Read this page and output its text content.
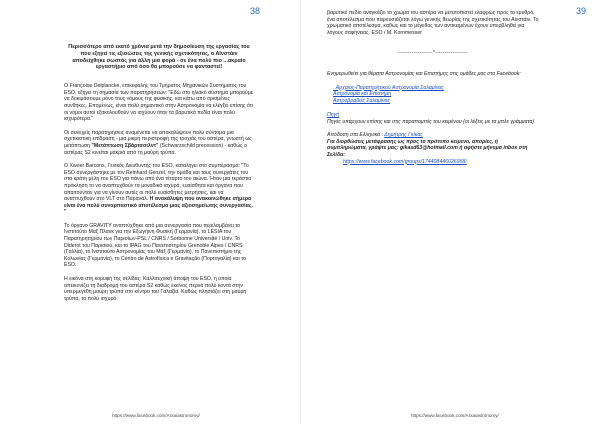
38

Περισσότερο από εκατό χρόνια μετά την δημοσίευση της εργασίας του που εξηγεί τις εξισώσεις της γενικής σχετικότητας, ο Αϊνστάιν αποδείχθηκε σωστός για άλλη μια φορά - σε ένα πολύ πιο ...ακραίο εργαστήριο από όσο θα μπορούσε να φανταστεί!

Ο Françoise Delplancke, επικεφαλής του Τμήματος Μηχανικών Συστήματος του ESO, εξηγεί τη σημασία των παρατηρήσεων: "Εδώ στο ηλιακό σύστημα μπορούμε να δοκιμάσουμε μόνο τους νόμους της φυσικής, και κάτω από ορισμένες συνθήκες. Επομένως, είναι πολύ σημαντικό στην Αστρονομία να ελέγξει επίσης ότι οι νόμοι αυτοί εξακολουθούν να ισχύουν όταν τα βαρυτικά πεδία είναι πολύ ισχυρότερα."

Οι συνεχείς παρατηρήσεις αναμένεται να αποκαλύψουν πολύ σύντομα μια σχετικιστική επίδραση - μια μικρή περιστροφή της τροχιάς του αστέρα, γνωστή ως μετάπτωση "Μετάπτωση Σβάρτσσιλντ" (Schwarzschild precession) - καθώς ο αστέρας S2 κινείται μακριά από τη μαύρη τρύπα.

Ο Xavier Barcons, Γενικός Διευθυντής του ESO, καταλήγει στο συμπέρασμα: "Το ESO συνεργάστηκε με τον Reinhard Genzel, την ομάδα και τους συνεργάτες του στα κράτη μέλη του ESO για πάνω από ένα τέταρτο του αιώνα. Ήταν μια τεράστια πρόκληση το να αναπτυχθούν τα μοναδικά ισχυρά, ευαίσθητα και όργανα που απαιτούνταν για να γίνουν αυτές οι πολύ ευαίσθητες μετρήσεις, και να αναπτυχθούν στο VLT στο Παρανάλ. Η ανακάλυψη που ανακοινώθηκε σήμερα είναι ένα πολύ συναρπαστικό αποτέλεσμα μιας αξιοσημείωτης συνεργασίας. "

Το όργανο GRAVITY αναπτύχθηκε από μια συνεργασία που περιλαμβάνει το Ινστιτούτο Μαξ Πλανκ για την Εξωγήινη Φυσική (Γερμανία), το LESIA του Παρατηρητηρίου των Παρισίων-PSL / CNRS / Sorbonne Université / Univ. Το Diderot του Παρισιού, και το IPAG του Πανεπιστημίου Grenoble Alpes / CNRS (Γαλλία), το Ινστιτούτο Αστρονομίας του Μάξ (Γερμανία), το Πανεπιστήμιο της Κολωνίας (Γερμανία), το Centro de Astrofísica e Gravitação (Πορτογαλία) και το ESO.

Η εικόνα στη κορυφή της σελίδας: Καλλιτεχνική άποψη του ESO, η οποία απεικονίζει τη διαδρομή του αστέρα S2 καθώς εκείνος περνά πολύ κοντά στην υπερμεγέθη μαύρη τρύπα στο κέντρο του Γαλαξία. Καθώς πλησιάζει στη μαύρη τρύπα, το πολύ ισχυρό

https://www.facebook.com/Arxaiastronomy/
39

βαρυτικό πεδίο αναγκάζει το χρώμα του αστέρα να μετατοπιστεί ελαφρώς προς το ερυθρό, ένα αποτέλεσμα που παρουσιάζεται λόγω γενικής θεωρίας της σχετικότητας του Αϊνστάιν. Το χρωματικό αποτέλεσμα, καθώς και το μέγεθος των αντικειμένων έχουν υπερβληθεί για λόγους σαφήνειας. ESO / M. Kornmesser

------------------*-----------------

Ενημερωθείτε για θέματα Αστρονομίας και Επιστήμης στις ομάδες μας στο Facebook:

. Αρχαίος-Παρατηρητικού Αστρονομία Σαλαμίνας
Αστρονομία και Επιστήμη
Αστροβραδιές Σαλαμίνας

Πηγή

Πηγές υπάρχουν επίσης και στις παραπομπές του κειμένου (οι λέξεις με τα μπλε γράμματα)

Απόδοση στα Ελληνικά : Δημήτρης Γκίκας
Για διορθώσεις μετάφρασης ως προς το πρότυπο κείμενο, απορίες, ή συμπληρώματα, γράψτε μας: gikasd63@hotmail.com ή αφήστε μήνυμα inbox στη Σελίδα:
https://www.facebook.com/groups/174408446026958/

https://www.facebook.com/Arxaiastronomy/
